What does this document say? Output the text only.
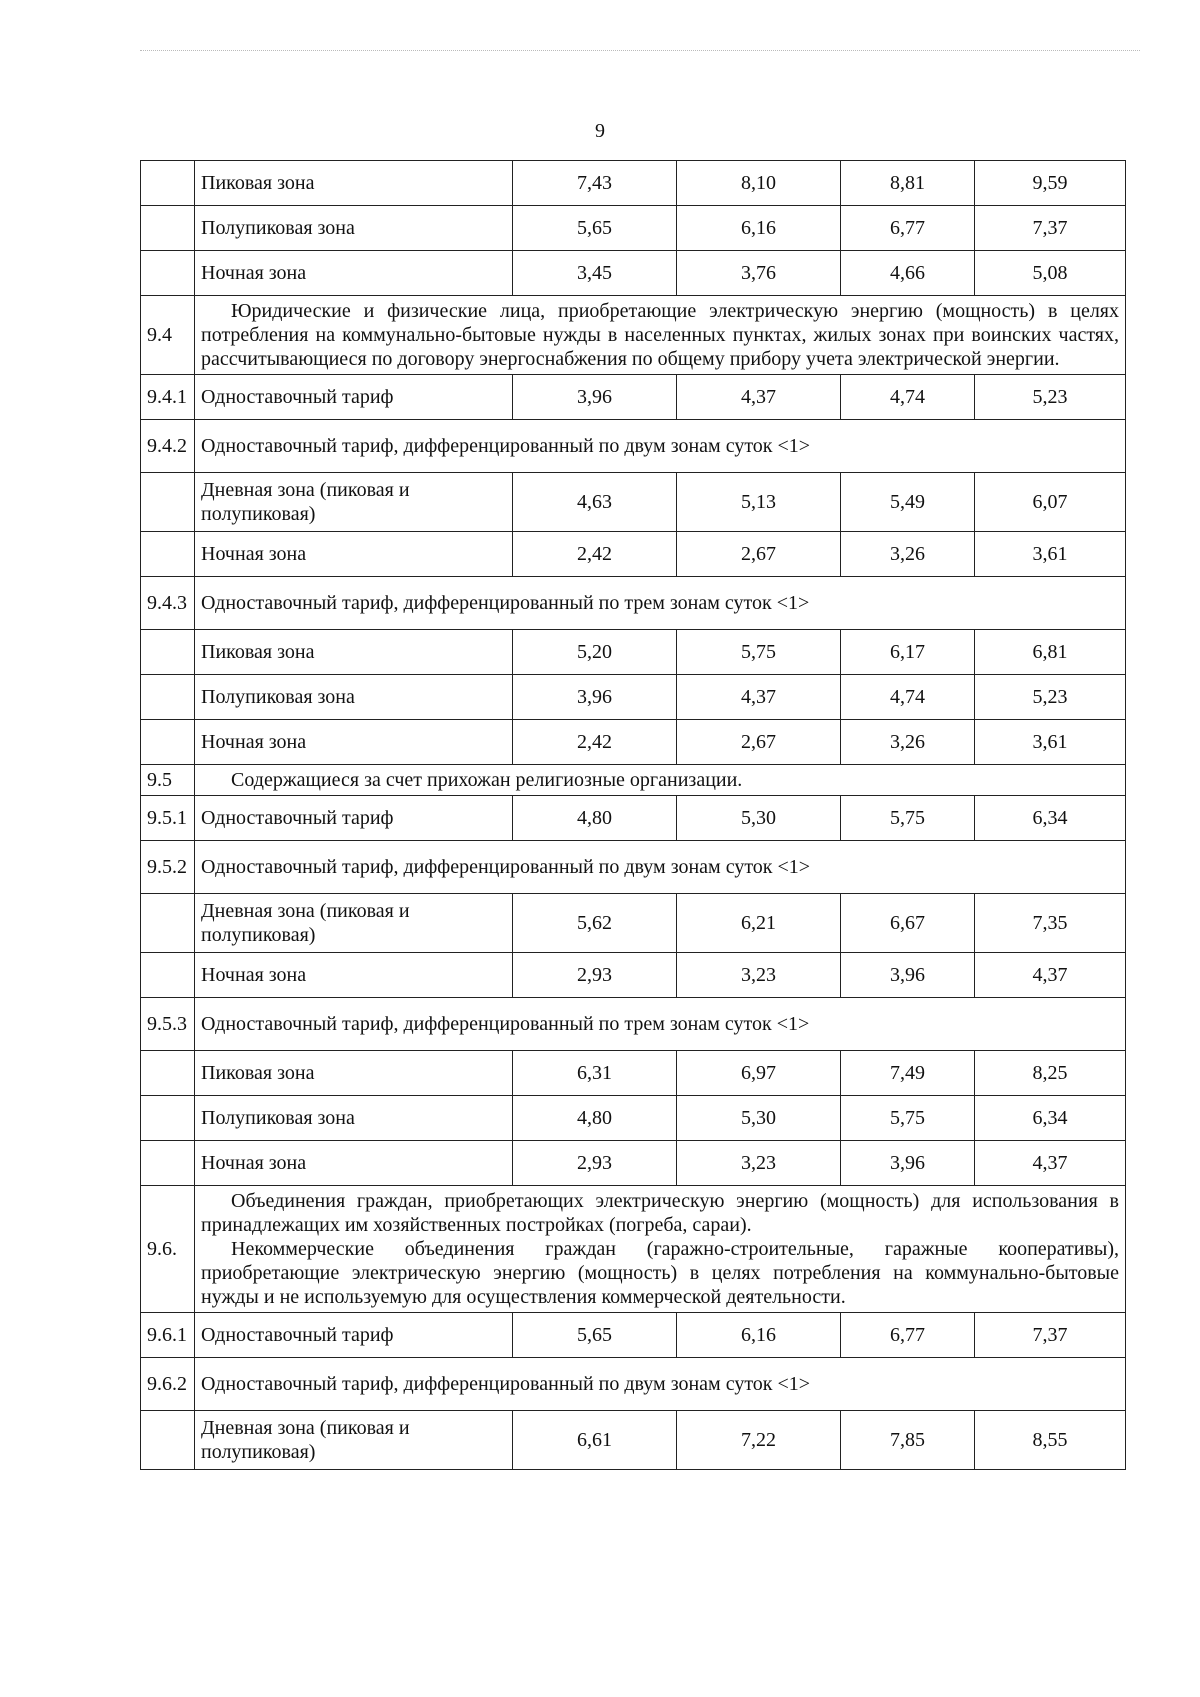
9
	Пиковая зона	7,43	8,10	8,81	9,59
	Полупиковая зона	5,65	6,16	6,77	7,37
	Ночная зона	3,45	3,76	4,66	5,08
9.4	Юридические и физические лица, приобретающие электрическую энергию (мощность) в целях потребления на коммунально-бытовые нужды в населенных пунктах, жилых зонах при воинских частях, рассчитывающиеся по договору энергоснабжения по общему прибору учета электрической энергии.				
9.4.1	Одноставочный тариф	3,96	4,37	4,74	5,23
9.4.2	Одноставочный тариф, дифференцированный по двум зонам суток <1>				
	Дневная зона (пиковая и полупиковая)	4,63	5,13	5,49	6,07
	Ночная зона	2,42	2,67	3,26	3,61
9.4.3	Одноставочный тариф, дифференцированный по трем зонам суток <1>				
	Пиковая зона	5,20	5,75	6,17	6,81
	Полупиковая зона	3,96	4,37	4,74	5,23
	Ночная зона	2,42	2,67	3,26	3,61
9.5	Содержащиеся за счет прихожан религиозные организации.				
9.5.1	Одноставочный тариф	4,80	5,30	5,75	6,34
9.5.2	Одноставочный тариф, дифференцированный по двум зонам суток <1>				
	Дневная зона (пиковая и полупиковая)	5,62	6,21	6,67	7,35
	Ночная зона	2,93	3,23	3,96	4,37
9.5.3	Одноставочный тариф, дифференцированный по трем зонам суток <1>				
	Пиковая зона	6,31	6,97	7,49	8,25
	Полупиковая зона	4,80	5,30	5,75	6,34
	Ночная зона	2,93	3,23	3,96	4,37
9.6.	Объединения граждан, приобретающих электрическую энергию (мощность) для использования в принадлежащих им хозяйственных постройках (погреба, сараи).

Некоммерческие объединения граждан (гаражно-строительные, гаражные кооперативы), приобретающие электрическую энергию (мощность) в целях потребления на коммунально-бытовые нужды и не используемую для осуществления коммерческой деятельности.				

9.6.1	Одноставочный тариф	5,65	6,16	6,77	7,37
9.6.2	Одноставочный тариф, дифференцированный по двум зонам суток <1>				
	Дневная зона (пиковая и полупиковая)	6,61	7,22	7,85	8,55
